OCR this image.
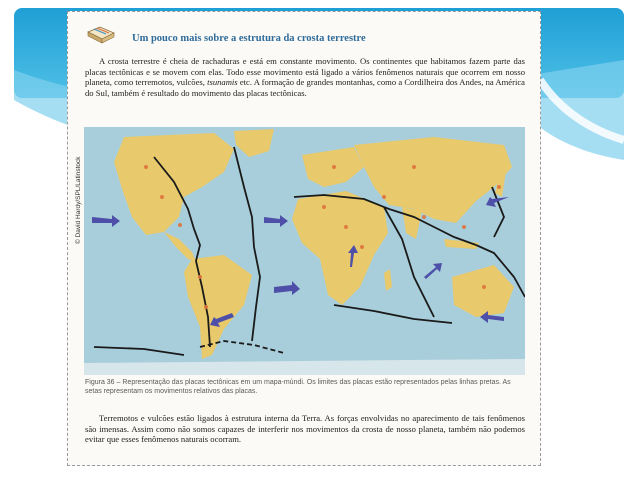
Um pouco mais sobre a estrutura da crosta terrestre

A crosta terrestre é cheia de rachaduras e está em constante movimento. Os continentes que habitamos fazem parte das placas tectônicas e se movem com elas. Todo esse movimento está ligado a vários fenômenos naturais que ocorrem em nosso planeta, como terremotos, vulcões, tsunamis etc. A formação de grandes montanhas, como a Cordilheira dos Andes, na América do Sul, também é resultado do movimento das placas tectônicas.

© David Hardy/SPL/Latinstock
Figura 36 – Representação das placas tectônicas em um mapa-múndi. Os limites das placas estão representados pelas linhas pretas. As setas representam os movimentos relativos das placas.

Terremotos e vulcões estão ligados à estrutura interna da Terra. As forças envolvidas no aparecimento de tais fenômenos são imensas. Assim como não somos capazes de interferir nos movimentos da crosta de nosso planeta, também não podemos evitar que esses fenômenos naturais ocorram.
